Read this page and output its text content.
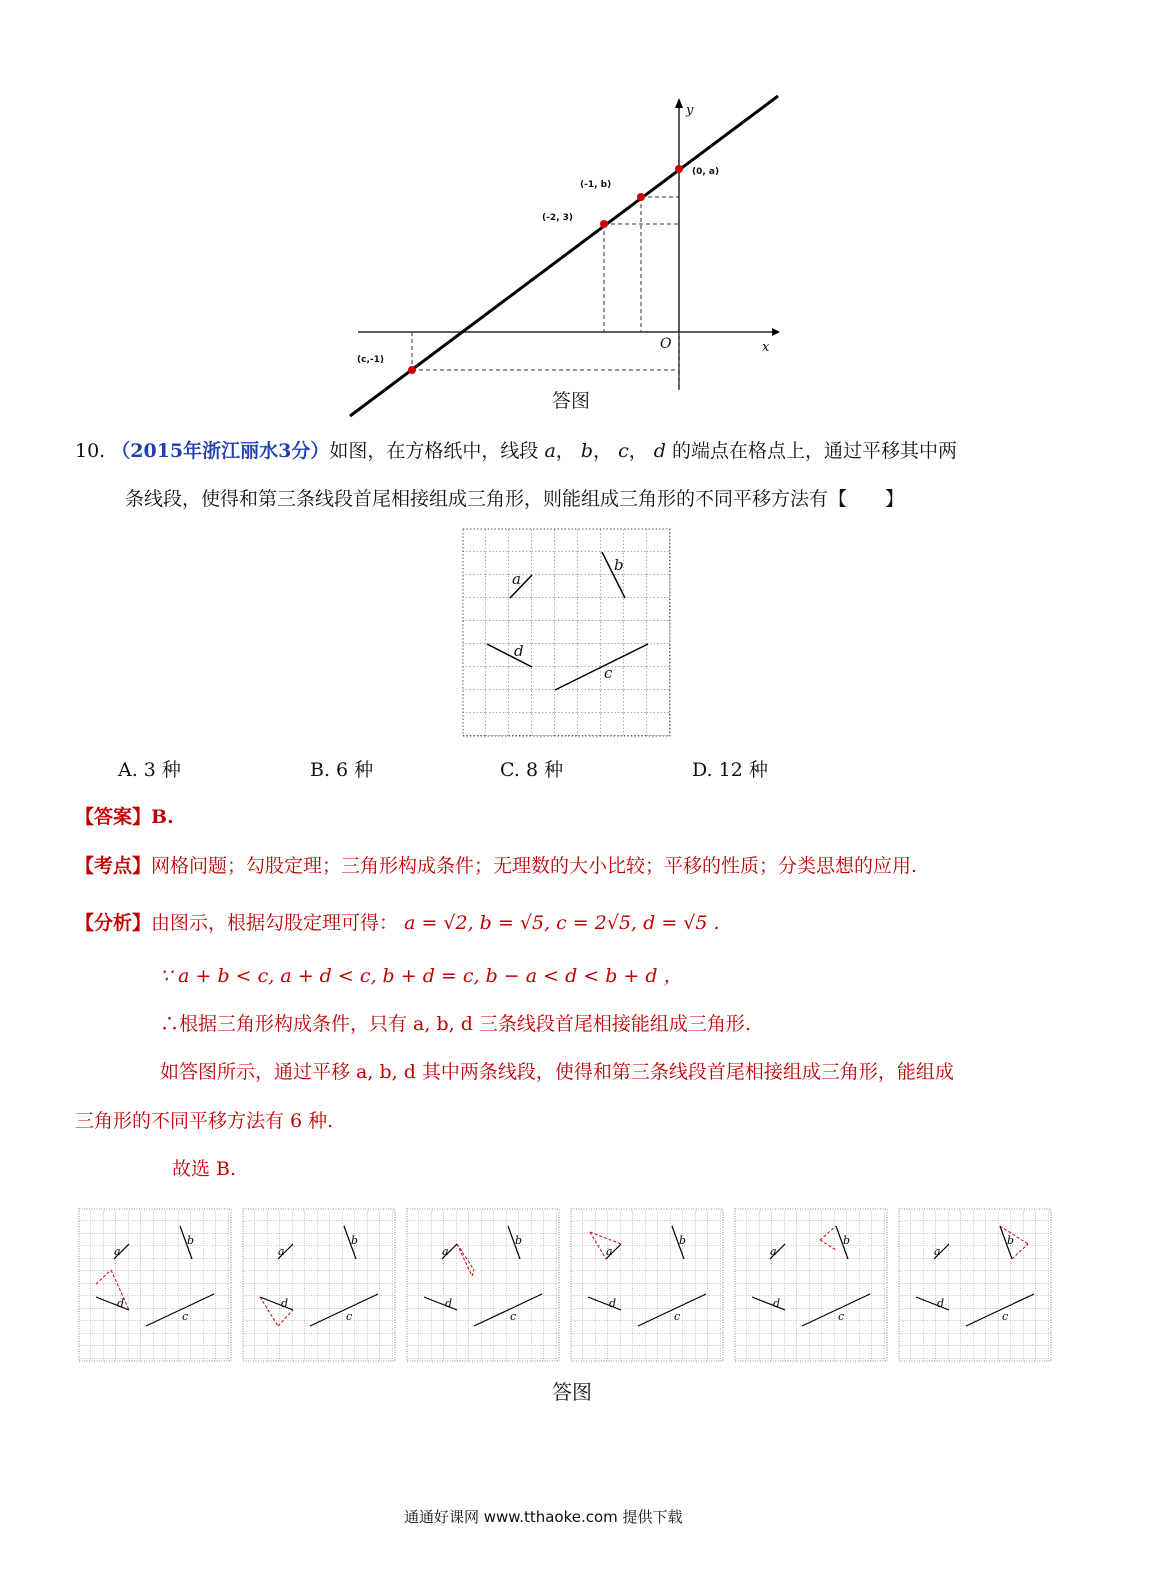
y
x
O
(0, a)
(-1, b)
(-2, 3)
(c,-1)
答图
10. （2015年浙江丽水3分）如图，在方格纸中，线段 a， b， c， d 的端点在格点上，通过平移其中两
条线段，使得和第三条线段首尾相接组成三角形，则能组成三角形的不同平移方法有【　　】
a
b
d
c
A. 3 种	B. 6 种	C. 8 种	D. 12 种
【答案】B.
【考点】网格问题；勾股定理；三角形构成条件；无理数的大小比较；平移的性质；分类思想的应用.
【分析】由图示，根据勾股定理可得： a = √2, b = √5, c = 2√5, d = √5 .
∵ a + b < c, a + d < c, b + d = c, b − a < d < b + d ，
∴根据三角形构成条件，只有 a, b, d 三条线段首尾相接能组成三角形.
如答图所示，通过平移 a, b, d 其中两条线段，使得和第三条线段首尾相接组成三角形，能组成
三角形的不同平移方法有 6 种.
故选 B.
答图
通通好课网 www.tthaoke.com 提供下载
